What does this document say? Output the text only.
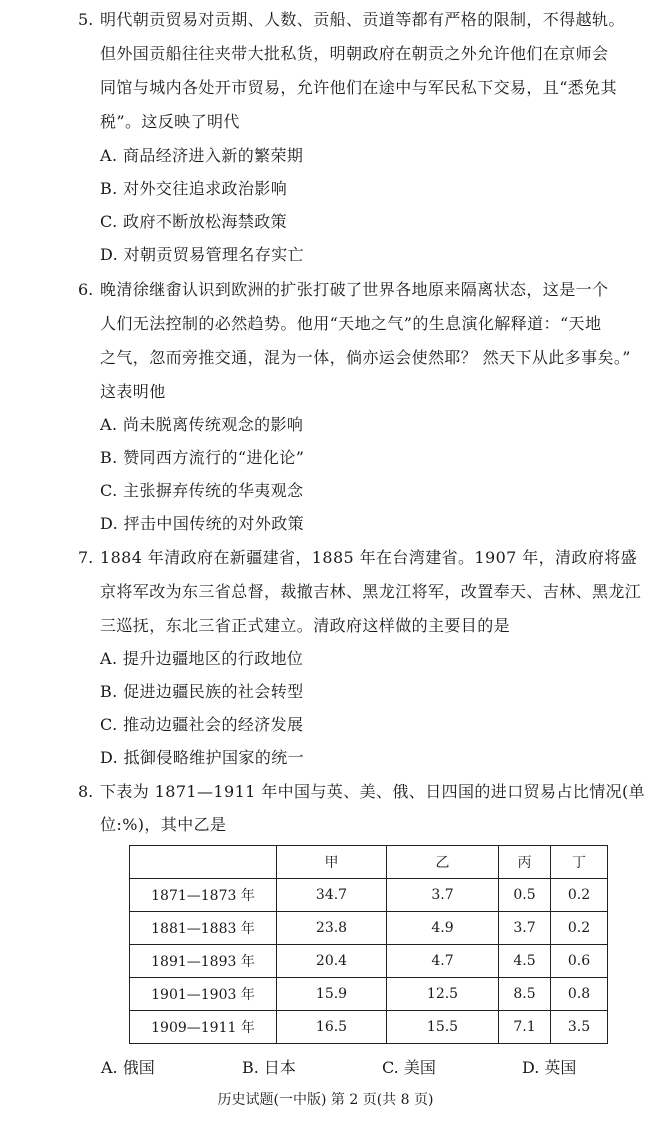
5. 明代朝贡贸易对贡期、人数、贡船、贡道等都有严格的限制，不得越轨。
但外国贡船往往夹带大批私货，明朝政府在朝贡之外允许他们在京师会
同馆与城内各处开市贸易，允许他们在途中与军民私下交易，且“悉免其
税”。这反映了明代
A. 商品经济进入新的繁荣期
B. 对外交往追求政治影响
C. 政府不断放松海禁政策
D. 对朝贡贸易管理名存实亡
6. 晚清徐继畬认识到欧洲的扩张打破了世界各地原来隔离状态，这是一个
人们无法控制的必然趋势。他用“天地之气”的生息演化解释道：“天地
之气，忽而旁推交通，混为一体，倘亦运会使然耶？ 然天下从此多事矣。”
这表明他
A. 尚未脱离传统观念的影响
B. 赞同西方流行的“进化论”
C. 主张摒弃传统的华夷观念
D. 抨击中国传统的对外政策
7. 1884 年清政府在新疆建省，1885 年在台湾建省。1907 年，清政府将盛
京将军改为东三省总督，裁撤吉林、黑龙江将军，改置奉天、吉林、黑龙江
三巡抚，东北三省正式建立。清政府这样做的主要目的是
A. 提升边疆地区的行政地位
B. 促进边疆民族的社会转型
C. 推动边疆社会的经济发展
D. 抵御侵略维护国家的统一
8. 下表为 1871—1911 年中国与英、美、俄、日四国的进口贸易占比情况(单
位:%)，其中乙是
	甲	乙	丙	丁
1871—1873 年	34.7	3.7	0.5	0.2
1881—1883 年	23.8	4.9	3.7	0.2
1891—1893 年	20.4	4.7	4.5	0.6
1901—1903 年	15.9	12.5	8.5	0.8
1909—1911 年	16.5	15.5	7.1	3.5
A. 俄国	B. 日本	C. 美国	D. 英国
历史试题(一中版) 第 2 页(共 8 页)
